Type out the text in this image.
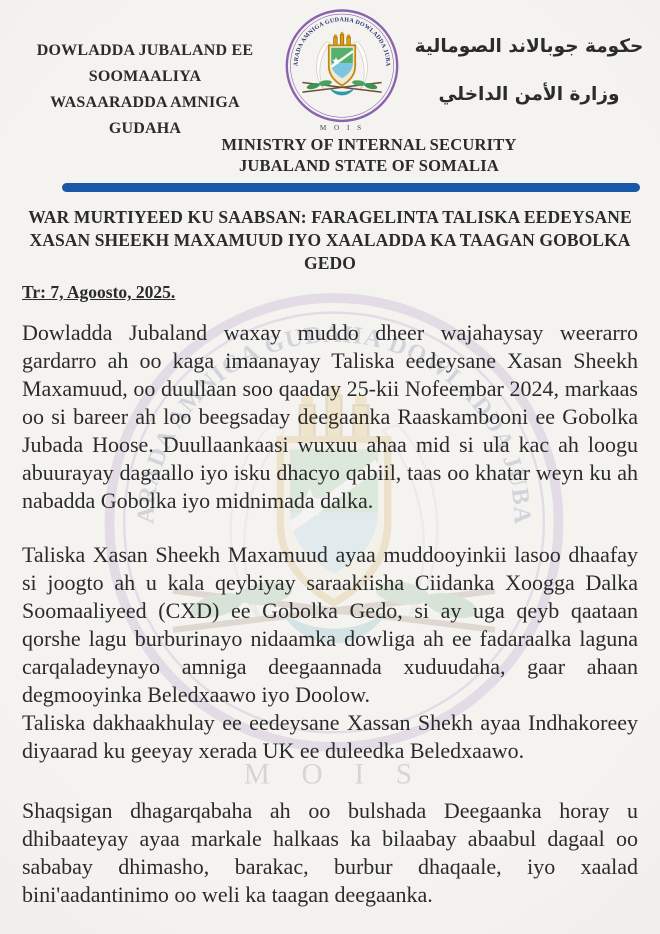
DOWLADDA JUBALAND EE
SOOMAALIYA
WASAARADDA AMNIGA GUDAHA
حكومة جوبالاند الصومالية
وزارة الأمن الداخلي
MINISTRY OF INTERNAL SECURITY
JUBALAND STATE OF SOMALIA
WAR MURTIYEED KU SAABSAN: FARAGELINTA TALISKA EEDEYSANE XASAN SHEEKH MAXAMUUD IYO XAALADDA KA TAAGAN GOBOLKA GEDO
Tr: 7, Agoosto, 2025.

Dowladda Jubaland waxay muddo dheer wajahaysay weerarro gardarro ah oo kaga imaanayay Taliska eedeysane Xasan Sheekh Maxamuud, oo duullaan soo qaaday 25-kii Nofeembar 2024, markaas oo si bareer ah loo beegsaday deegaanka Raaskambooni ee Gobolka Jubada Hoose. Duullaankaasi wuxuu ahaa mid si ula kac ah loogu abuurayay dagaallo iyo isku dhacyo qabiil, taas oo khatar weyn ku ah nabadda Gobolka iyo midnimada dalka.

Taliska Xasan Sheekh Maxamuud ayaa muddooyinkii lasoo dhaafay si joogto ah u kala qeybiyay saraakiisha Ciidanka Xoogga Dalka Soomaaliyeed (CXD) ee Gobolka Gedo, si ay uga qeyb qaataan qorshe lagu burburinayo nidaamka dowliga ah ee fadaraalka laguna carqaladeynayo amniga deegaannada xuduudaha, gaar ahaan degmooyinka Beledxaawo iyo Doolow.

Taliska dakhaakhulay ee eedeysane Xassan Shekh ayaa Indhakoreey diyaarad ku geeyay xerada UK ee duleedka Beledxaawo.

Shaqsigan dhagarqabaha ah oo bulshada Deegaanka horay u dhibaateyay ayaa markale halkaas ka bilaabay abaabul dagaal oo sababay dhimasho, barakac, burbur dhaqaale, iyo xaalad bini'aadantinimo oo weli ka taagan deegaanka.
